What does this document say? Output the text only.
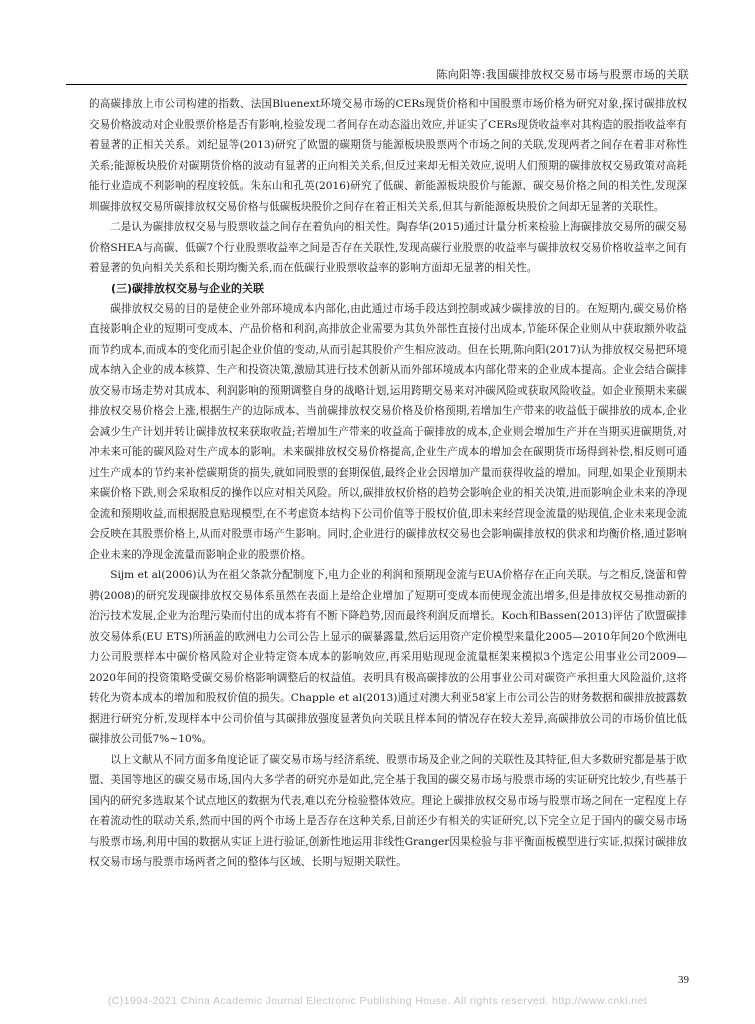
陈向阳等:我国碳排放权交易市场与股票市场的关联

的高碳排放上市公司构建的指数、法国Bluenext环境交易市场的CERs现货价格和中国股票市场价格为研究对象,探讨碳排放权交易价格波动对企业股票价格是否有影响,检验发现二者间存在动态溢出效应,并证实了CERs现货收益率对其构造的股指收益率有着显著的正相关关系。刘纪显等(2013)研究了欧盟的碳期货与能源板块股票两个市场之间的关联,发现两者之间存在着非对称性关系;能源板块股价对碳期货价格的波动有显著的正向相关关系,但反过来却无相关效应,说明人们预期的碳排放权交易政策对高耗能行业造成不利影响的程度较低。朱东山和孔英(2016)研究了低碳、新能源板块股价与能源、碳交易价格之间的相关性,发现深圳碳排放权交易所碳排放权交易价格与低碳板块股价之间存在着正相关关系,但其与新能源板块股价之间却无显著的关联性。

二是认为碳排放权交易与股票收益之间存在着负向的相关性。陶春华(2015)通过计量分析来检验上海碳排放交易所的碳交易价格SHEA与高碳、低碳7个行业股票收益率之间是否存在关联性,发现高碳行业股票的收益率与碳排放权交易价格收益率之间有着显著的负向相关关系和长期均衡关系,而在低碳行业股票收益率的影响方面却无显著的相关性。

(三)碳排放权交易与企业的关联

碳排放权交易的目的是使企业外部环境成本内部化,由此通过市场手段达到控制或减少碳排放的目的。在短期内,碳交易价格直接影响企业的短期可变成本、产品价格和利润,高排放企业需要为其负外部性直接付出成本,节能环保企业则从中获取额外收益而节约成本,而成本的变化而引起企业价值的变动,从而引起其股价产生相应波动。但在长期,陈向阳(2017)认为排放权交易把环境成本纳入企业的成本核算、生产和投资决策,激励其进行技术创新从而外部环境成本内部化带来的企业成本提高。企业会结合碳排放交易市场走势对其成本、利润影响的预期调整自身的战略计划,运用跨期交易来对冲碳风险或获取风险收益。如企业预期未来碳排放权交易价格会上涨,根据生产的边际成本、当前碳排放权交易价格及价格预期,若增加生产带来的收益低于碳排放的成本,企业会减少生产计划并转让碳排放权来获取收益;若增加生产带来的收益高于碳排放的成本,企业则会增加生产并在当期买进碳期货,对冲未来可能的碳风险对生产成本的影响。未来碳排放权交易价格提高,企业生产成本的增加会在碳期货市场得到补偿,相反则可通过生产成本的节约来补偿碳期货的损失,就如同股票的套期保值,最终企业会因增加产量而获得收益的增加。同理,如果企业预期未来碳价格下跌,则会采取相反的操作以应对相关风险。所以,碳排放权价格的趋势会影响企业的相关决策,进而影响企业未来的净现金流和预期收益,而根据股息贴现模型,在不考虑资本结构下公司价值等于股权价值,即未来经营现金流量的贴现值,企业未来现金流会反映在其股票价格上,从而对股票市场产生影响。同时,企业进行的碳排放权交易也会影响碳排放权的供求和均衡价格,通过影响企业未来的净现金流量而影响企业的股票价格。

Sijm et al(2006)认为在祖父条款分配制度下,电力企业的利润和预期现金流与EUA价格存在正向关联。与之相反,饶蕾和曾骋(2008)的研究发现碳排放权交易体系虽然在表面上是给企业增加了短期可变成本而使现金流出增多,但是排放权交易推动新的治污技术发展,企业为治理污染而付出的成本将有不断下降趋势,因而最终利润反而增长。Koch和Bassen(2013)评估了欧盟碳排放交易体系(EU ETS)所涵盖的欧洲电力公司公告上显示的碳暴露量,然后运用资产定价模型来量化2005—2010年间20个欧洲电力公司股票样本中碳价格风险对企业特定资本成本的影响效应,再采用贴现现金流量框架来模拟3个选定公用事业公司2009—2020年间的投资策略受碳交易价格影响调整后的权益值。表明具有极高碳排放的公用事业公司对碳资产承担重大风险溢价,这将转化为资本成本的增加和股权价值的损失。Chapple et al(2013)通过对澳大利亚58家上市公司公告的财务数据和碳排放披露数据进行研究分析,发现样本中公司价值与其碳排放强度显著负向关联且样本间的情况存在较大差异,高碳排放公司的市场价值比低碳排放公司低7%~10%。

以上文献从不同方面多角度论证了碳交易市场与经济系统、股票市场及企业之间的关联性及其特征,但大多数研究都是基于欧盟、美国等地区的碳交易市场,国内大多学者的研究亦是如此,完全基于我国的碳交易市场与股票市场的实证研究比较少,有些基于国内的研究多选取某个试点地区的数据为代表,难以充分检验整体效应。理论上碳排放权交易市场与股票市场之间在一定程度上存在着流动性的联动关系,然而中国的两个市场上是否存在这种关系,目前还少有相关的实证研究,以下完全立足于国内的碳交易市场与股票市场,利用中国的数据从实证上进行验证,创新性地运用非线性Granger因果检验与非平衡面板模型进行实证,拟探讨碳排放权交易市场与股票市场两者之间的整体与区域、长期与短期关联性。

39
(C)1994-2021 China Academic Journal Electronic Publishing House. All rights reserved. http://www.cnki.net
